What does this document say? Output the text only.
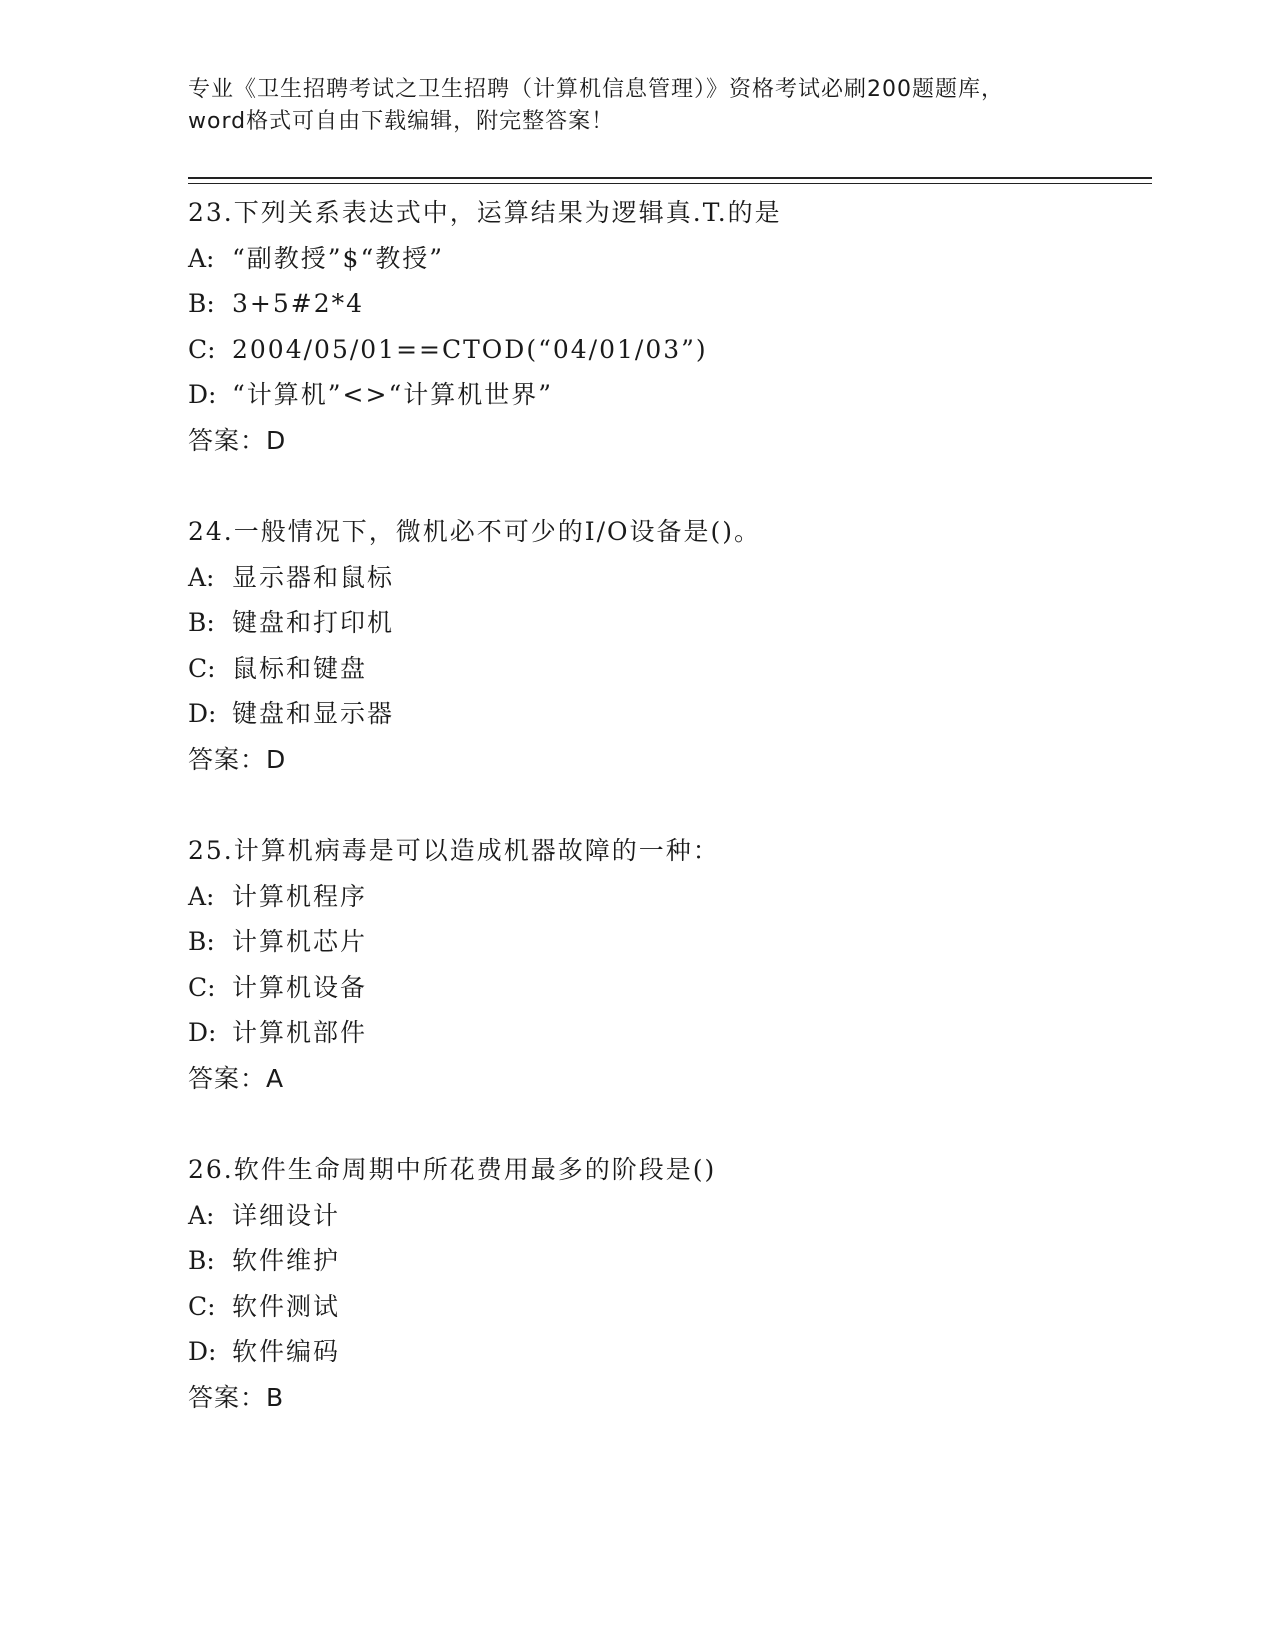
专业《卫生招聘考试之卫生招聘（计算机信息管理）》资格考试必刷200题题库，
word格式可自由下载编辑，附完整答案！
23.下列关系表达式中，运算结果为逻辑真.T.的是
A: “副教授”$“教授”
B: 3+5#2*4
C: 2004/05/01==CTOD(“04/01/03”)
D: “计算机”<>“计算机世界”
答案：D
24.一般情况下，微机必不可少的I/O设备是()。
A: 显示器和鼠标
B: 键盘和打印机
C: 鼠标和键盘
D: 键盘和显示器
答案：D
25.计算机病毒是可以造成机器故障的一种：
A: 计算机程序
B: 计算机芯片
C: 计算机设备
D: 计算机部件
答案：A
26.软件生命周期中所花费用最多的阶段是()
A: 详细设计
B: 软件维护
C: 软件测试
D: 软件编码
答案：B
